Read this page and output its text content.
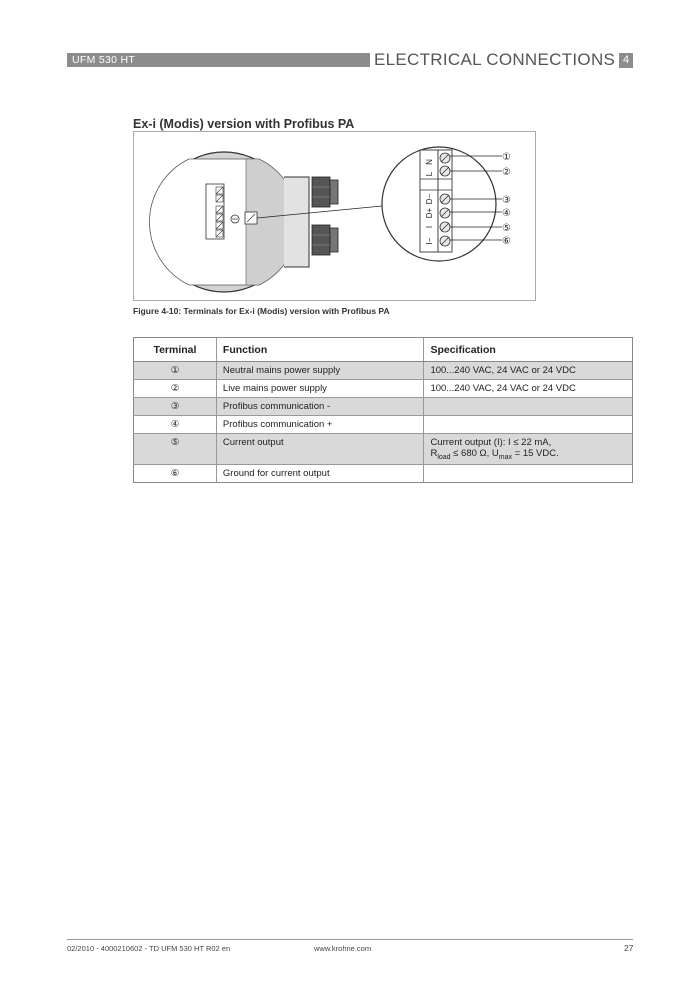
UFM 530 HT	ELECTRICAL CONNECTIONS 4
Ex-i (Modis) version with Profibus PA
N
L
D−
D+
I
I−
①
②
③
④
⑤
⑥
Figure 4-10: Terminals for Ex-i (Modis) version with Profibus PA
Terminal	Function	Specification
①	Neutral mains power supply	100...240 VAC, 24 VAC or 24 VDC
②	Live mains power supply	100...240 VAC, 24 VAC or 24 VDC
③	Profibus communication -	
④	Profibus communication +	
⑤	Current output	Current output (I): I ≤ 22 mA,
$R_{load} \le 680$ Ω, $U_{max} = 15$ VDC.

⑥	Ground for current output	
02/2010 - 4000210602 - TD UFM 530 HT R02 en	www.krohne.com	27
